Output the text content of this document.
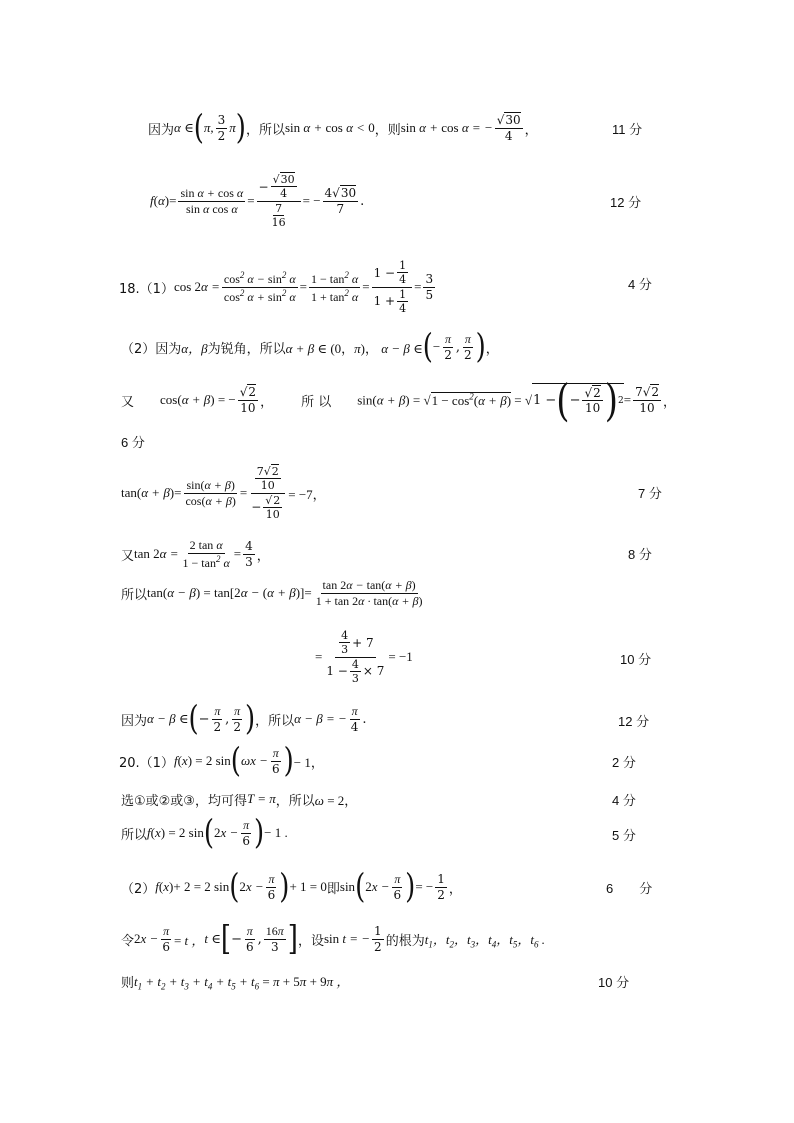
因为 α ∈ ( π, $\frac{3}{2}$ π ) ，所以 sin α + cos α < 0 ，则 sin α + cos α = − $\frac{√30}{4}$ ，	11 分
$f(\alpha)= \frac{\text{sin α + cos α}}{\text{sin α cos α}} = \frac{- \frac{√30}{4}}{\frac{7}{16}}$ = − $\frac{4√30}{7}$ .	12 分
18.（1） $\cos 2\alpha = \frac{\cos^2 \alpha - \sin^2 \alpha}{\cos^2 \alpha + \sin^2 \alpha} = \frac{1 - \tan^2 \alpha}{1 + \tan^2 \alpha} = \frac{1 - \frac{1}{4}}{1 + \frac{1}{4}} = \frac{3}{5}$	4 分
（2）因为 α，β 为锐角，所以 α + β ∈ (0，π)， α − β ∈ ( − $\frac{\pi}{2}$ , $\frac{\pi}{2}$ ) ，
又 cos(α + β) = − $\frac{√2}{10}$ ， 所 以 $\sin(\alpha + \beta) = √1 - \cos^2(\alpha + \beta)$ = √ 1 − ( − $\frac{√2}{10}$ ) $2 = \frac{7√2}{10}$ ，
6 分
$\tan(\alpha + \beta)= \frac{\sin(\alpha + \beta)}{\cos(\alpha + \beta)} = \frac{\frac{7√2}{10}}{- \frac{√2}{10}} = -7$，	7 分
又 $\tan 2\alpha = \frac{\text{2 tan α}}{1 - \tan^2 \alpha} = \frac{4}{3}$ ，	8 分
所以 $\tan(\alpha - \beta) = \tan[2\alpha - (\alpha + \beta)]= \frac{\tan 2\alpha - \tan(\alpha + \beta)}{1 + \tan 2\alpha \cdot \tan(\alpha + \beta)}$
= $\frac{\frac{4}{3} + 7}{1 - \frac{4}{3} \times 7} = -1$	10 分
因为 α − β ∈ ( − $\frac{\pi}{2}$ , $\frac{\pi}{2}$ ) ，所以 α − β = − $\frac{\pi}{4}$ .	12 分
20.（1） f(x) = 2 sin ( $\omega x - \frac{\pi}{6}$ ) − 1，	2 分
选①或②或③，均可得 T = π ，所以 ω = 2，	4 分
所以 f(x) = 2 sin ( $2x - \frac{\pi}{6}$ ) − 1 .	5 分
（2） f(x)+ 2 = 2 sin ( $2x - \frac{\pi}{6}$ ) + 1 = 0 即 sin ( $2x - \frac{\pi}{6}$ ) = − $\frac{1}{2}$ ，	6　　分
令 $2x - \frac{\pi}{6} = t$ ， t ∈ [ − $\frac{\pi}{6}$ , $\frac{16\pi}{3}$ ] ，设 sin t = − $\frac{1}{2}$ 的根为 $t_1$，$t_2$，$t_3$，$t_4$，$t_5$，$t_6$ .
则 $t_1 + t_2 + t_3 + t_4 + t_5 + t_6 = \pi + 5\pi + 9\pi$ ，	10 分
